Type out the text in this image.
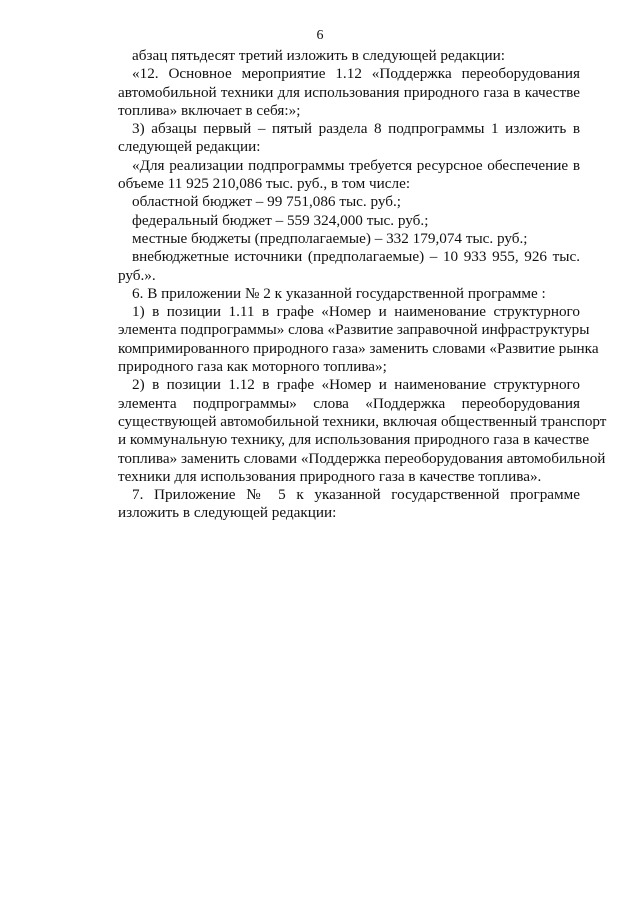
6
абзац пятьдесят третий изложить в следующей редакции:
«12. Основное мероприятие 1.12 «Поддержка переоборудования
автомобильной техники для использования природного газа в качестве
топлива» включает в себя:»;
3) абзацы первый – пятый раздела 8 подпрограммы 1 изложить в
следующей редакции:
«Для реализации подпрограммы требуется ресурсное обеспечение в
объеме 11 925 210,086 тыс. руб., в том числе:
областной бюджет – 99 751,086 тыс. руб.;
федеральный бюджет – 559 324,000 тыс. руб.;
местные бюджеты (предполагаемые) – 332 179,074 тыс. руб.;
внебюджетные источники (предполагаемые) – 10 933 955, 926 тыс.
руб.».
6. В приложении № 2 к указанной государственной программе :
1) в позиции 1.11 в графе «Номер и наименование структурного
элемента подпрограммы» слова «Развитие заправочной инфраструктуры
компримированного природного газа» заменить словами «Развитие рынка
природного газа как моторного топлива»;
2) в позиции 1.12 в графе «Номер и наименование структурного
элемента подпрограммы» слова «Поддержка переоборудования
существующей автомобильной техники, включая общественный транспорт
и коммунальную технику, для использования природного газа в качестве
топлива» заменить словами «Поддержка переоборудования автомобильной
техники для использования природного газа в качестве топлива».
7. Приложение № 5 к указанной государственной программе
изложить в следующей редакции:
